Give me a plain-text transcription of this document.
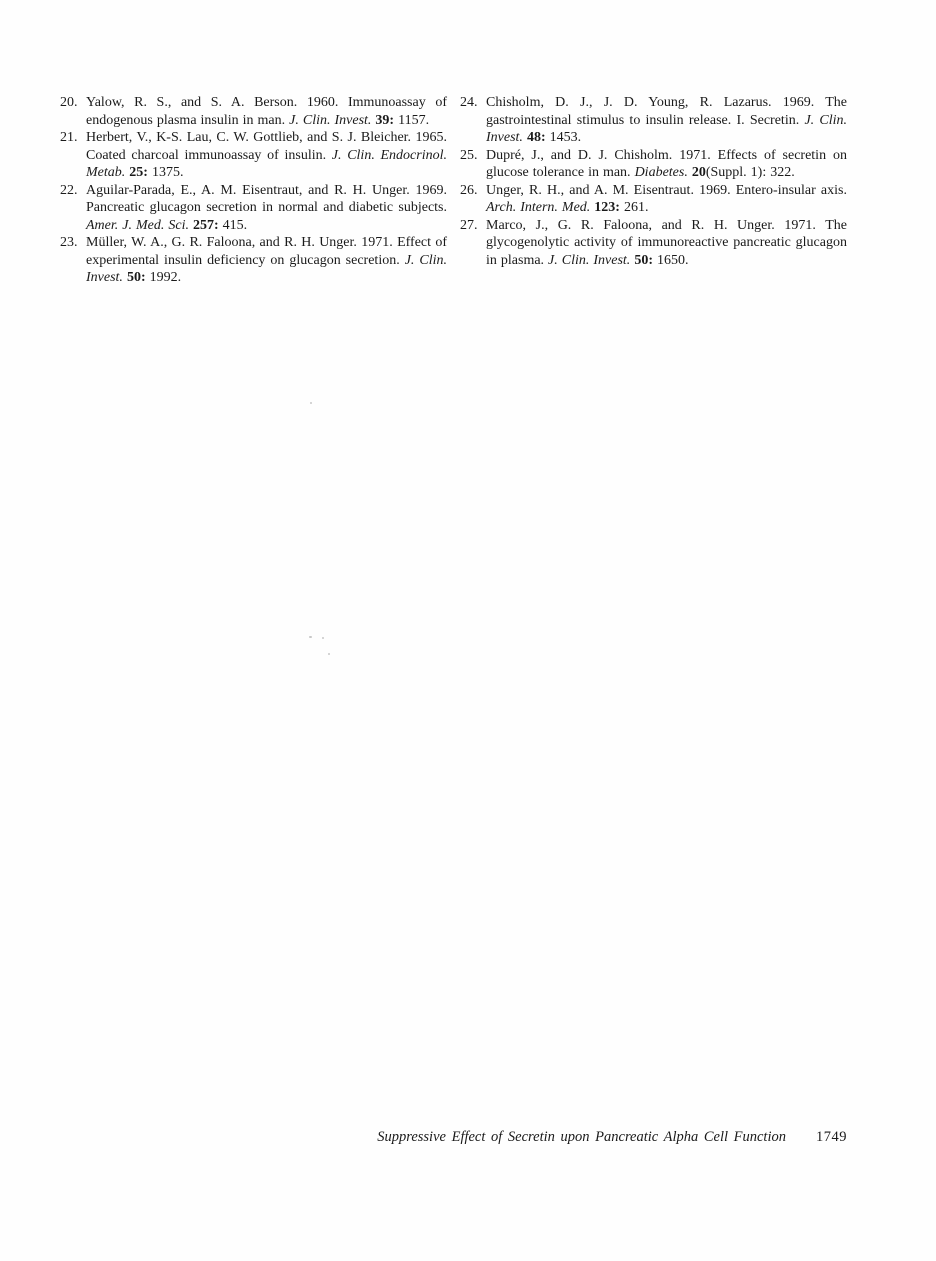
20. Yalow, R. S., and S. A. Berson. 1960. Immunoassay of endogenous plasma insulin in man. J. Clin. Invest. 39: 1157.

21. Herbert, V., K-S. Lau, C. W. Gottlieb, and S. J. Bleicher. 1965. Coated charcoal immunoassay of insulin. J. Clin. Endocrinol. Metab. 25: 1375.

22. Aguilar-Parada, E., A. M. Eisentraut, and R. H. Unger. 1969. Pancreatic glucagon secretion in normal and diabetic subjects. Amer. J. Med. Sci. 257: 415.

23. Müller, W. A., G. R. Faloona, and R. H. Unger. 1971. Effect of experimental insulin deficiency on glucagon secretion. J. Clin. Invest. 50: 1992.

24. Chisholm, D. J., J. D. Young, R. Lazarus. 1969. The gastrointestinal stimulus to insulin release. I. Secretin. J. Clin. Invest. 48: 1453.

25. Dupré, J., and D. J. Chisholm. 1971. Effects of secretin on glucose tolerance in man. Diabetes. 20(Suppl. 1): 322.

26. Unger, R. H., and A. M. Eisentraut. 1969. Entero-insular axis. Arch. Intern. Med. 123: 261.

27. Marco, J., G. R. Faloona, and R. H. Unger. 1971. The glycogenolytic activity of immunoreactive pancreatic glucagon in plasma. J. Clin. Invest. 50: 1650.

Suppressive Effect of Secretin upon Pancreatic Alpha Cell Function 1749
